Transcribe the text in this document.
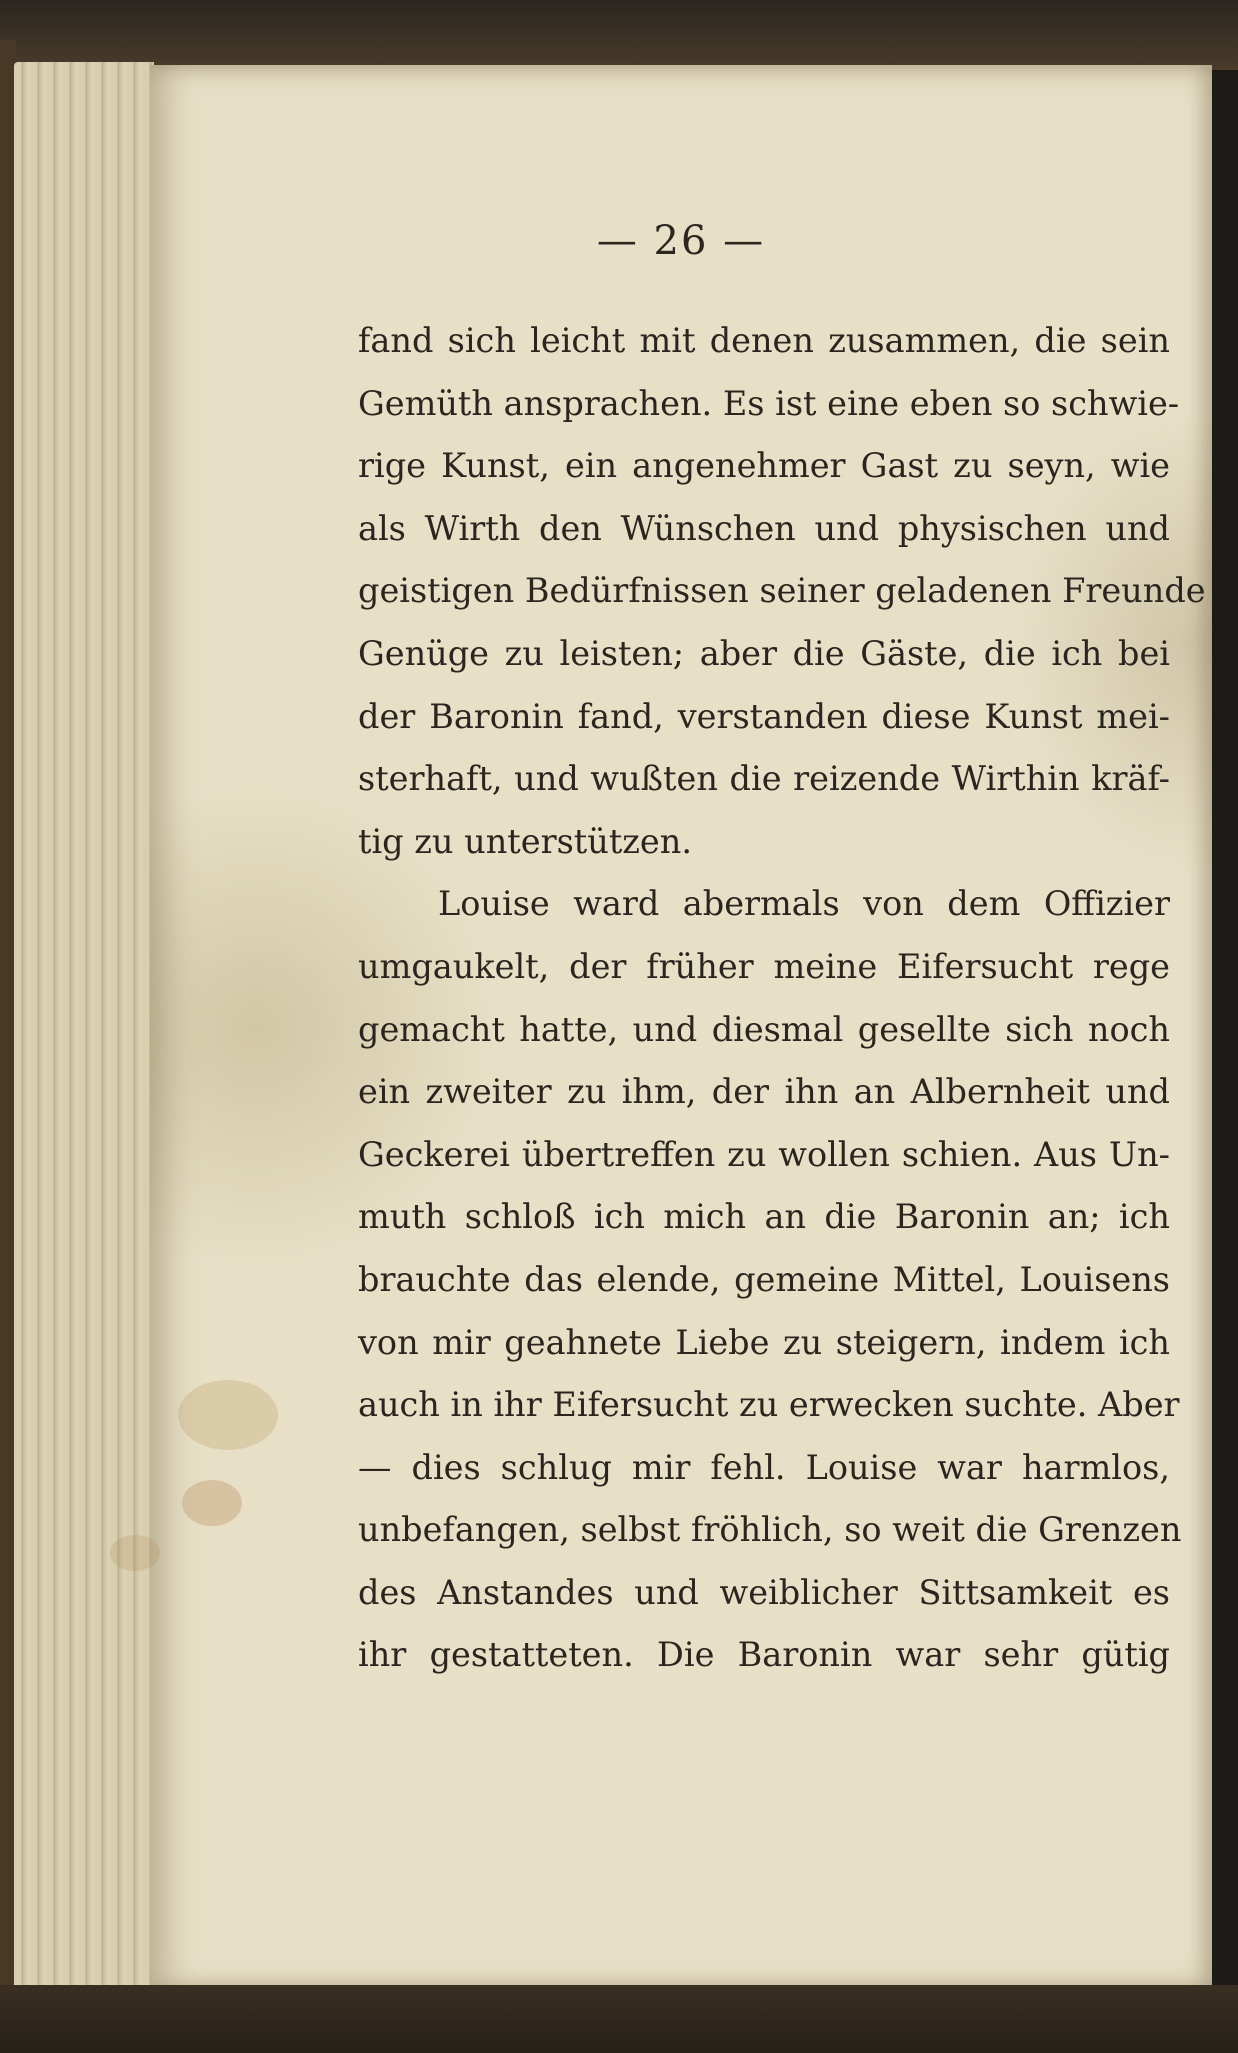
— 26 —
fand sich leicht mit denen zusammen, die sein
Gemüth ansprachen. Es ist eine eben so schwie-
rige Kunst, ein angenehmer Gast zu seyn, wie
als Wirth den Wünschen und physischen und
geistigen Bedürfnissen seiner geladenen Freunde
Genüge zu leisten; aber die Gäste, die ich bei
der Baronin fand, verstanden diese Kunst mei-
sterhaft, und wußten die reizende Wirthin kräf-
tig zu unterstützen.
Louise ward abermals von dem Offizier
umgaukelt, der früher meine Eifersucht rege
gemacht hatte, und diesmal gesellte sich noch
ein zweiter zu ihm, der ihn an Albernheit und
Geckerei übertreffen zu wollen schien. Aus Un-
muth schloß ich mich an die Baronin an; ich
brauchte das elende, gemeine Mittel, Louisens
von mir geahnete Liebe zu steigern, indem ich
auch in ihr Eifersucht zu erwecken suchte. Aber
— dies schlug mir fehl. Louise war harmlos,
unbefangen, selbst fröhlich, so weit die Grenzen
des Anstandes und weiblicher Sittsamkeit es
ihr gestatteten. Die Baronin war sehr gütig
